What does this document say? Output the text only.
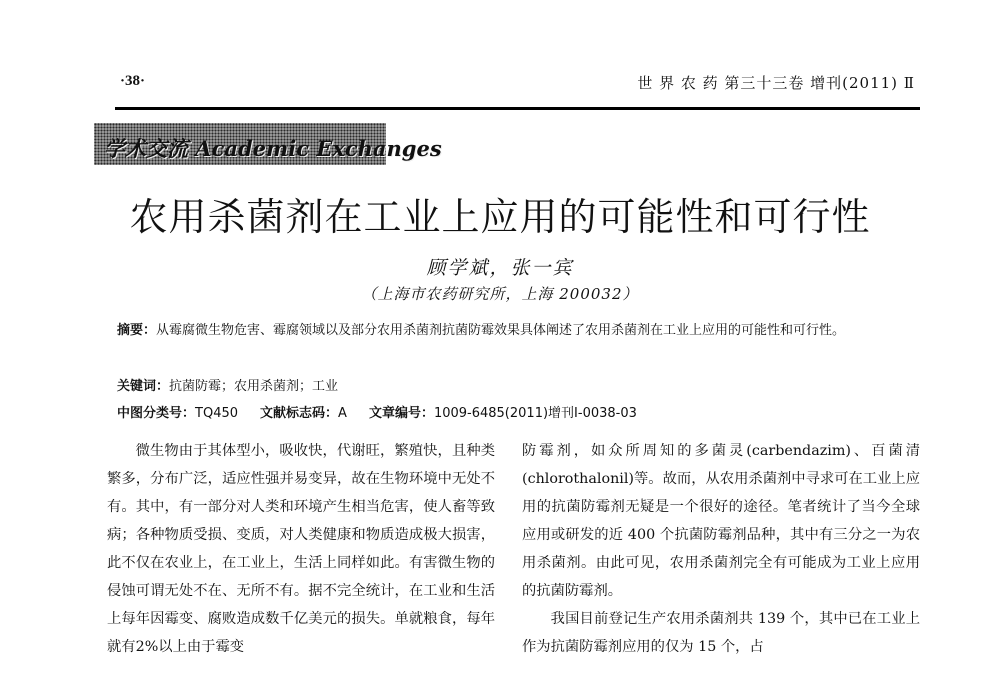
·38·	世 界 农 药 第三十三卷 增刊(2011) Ⅱ
学术交流 Academic Exchanges
农用杀菌剂在工业上应用的可能性和可行性
顾学斌，张一宾
（上海市农药研究所，上海 200032）
摘要：从霉腐微生物危害、霉腐领域以及部分农用杀菌剂抗菌防霉效果具体阐述了农用杀菌剂在工业上应用的可能性和可行性。
关键词：抗菌防霉；农用杀菌剂；工业
中图分类号：TQ450 文献标志码：A 文章编号：1009-6485(2011)增刊Ⅰ-0038-03

微生物由于其体型小，吸收快，代谢旺，繁殖快，且种类繁多，分布广泛，适应性强并易变异，故在生物环境中无处不有。其中，有一部分对人类和环境产生相当危害，使人畜等致病；各种物质受损、变质，对人类健康和物质造成极大损害，此不仅在农业上，在工业上，生活上同样如此。有害微生物的侵蚀可谓无处不在、无所不有。据不完全统计，在工业和生活上每年因霉变、腐败造成数千亿美元的损失。单就粮食，每年就有2%以上由于霉变

防霉剂，如众所周知的多菌灵(carbendazim)、百菌清(chlorothalonil)等。故而，从农用杀菌剂中寻求可在工业上应用的抗菌防霉剂无疑是一个很好的途径。笔者统计了当今全球应用或研发的近 400 个抗菌防霉剂品种，其中有三分之一为农用杀菌剂。由此可见，农用杀菌剂完全有可能成为工业上应用的抗菌防霉剂。

我国目前登记生产农用杀菌剂共 139 个，其中已在工业上作为抗菌防霉剂应用的仅为 15 个，占
